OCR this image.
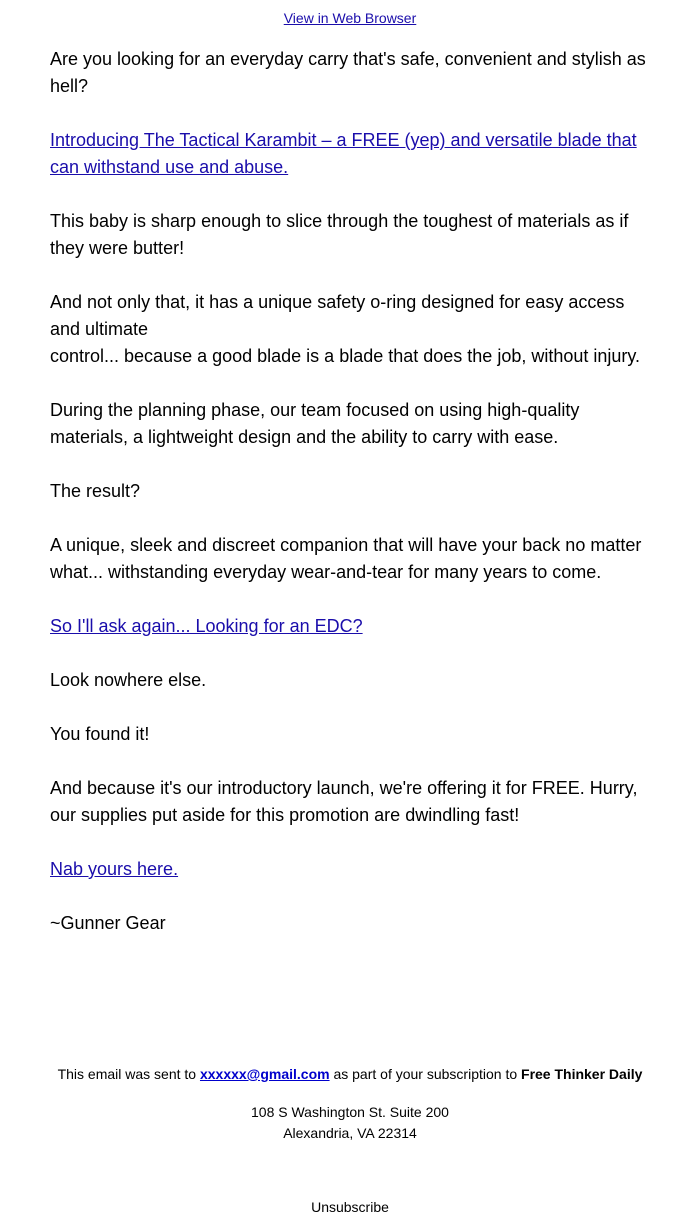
View in Web Browser

Are you looking for an everyday carry that's safe, convenient and stylish as hell?

Introducing The Tactical Karambit – a FREE (yep) and versatile blade that can withstand use and abuse.

This baby is sharp enough to slice through the toughest of materials as if they were butter!

And not only that, it has a unique safety o-ring designed for easy access and ultimate
control... because a good blade is a blade that does the job, without injury.

During the planning phase, our team focused on using high-quality materials, a lightweight design and the ability to carry with ease.

The result?

A unique, sleek and discreet companion that will have your back no matter what... withstanding everyday wear-and-tear for many years to come.

So I'll ask again... Looking for an EDC?

Look nowhere else.

You found it!

And because it's our introductory launch, we're offering it for FREE. Hurry, our supplies put aside for this promotion are dwindling fast!

Nab yours here.

~Gunner Gear

This email was sent to xxxxxx@gmail.com as part of your subscription to Free Thinker Daily

108 S Washington St. Suite 200
Alexandria, VA 22314

Unsubscribe
